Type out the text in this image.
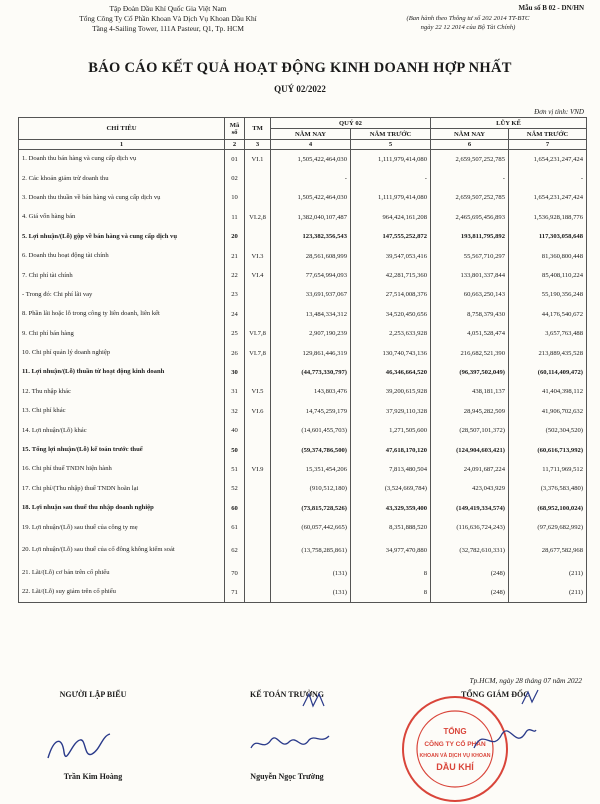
Tập Đoàn Dầu Khí Quốc Gia Việt Nam
Tổng Công Ty Cổ Phần Khoan Và Dịch Vụ Khoan Dầu Khí
Tầng 4-Sailing Tower, 111A Pasteur, Q1, Tp. HCM
Mẫu số B 02 - DN/HN
(Ban hành theo Thông tư số 202 2014 TT-BTC
ngày 22 12 2014 của Bộ Tài Chính)
BÁO CÁO KẾT QUẢ HOẠT ĐỘNG KINH DOANH HỢP NHẤT
QUÝ 02/2022
Đơn vị tính: VND
CHỈ TIÊU	Mã
số	TM	QUÝ 02		LŨY KẾ	
			NĂM NAY	NĂM TRƯỚC	NĂM NAY	NĂM TRƯỚC
1	2	3	4	5	6	7
1. Doanh thu bán hàng và cung cấp dịch vụ	01	VI.1	1,505,422,464,030	1,111,979,414,080	2,659,507,252,785	1,654,231,247,424
2. Các khoản giảm trừ doanh thu	02		-	-	-	-
3. Doanh thu thuần về bán hàng và cung cấp dịch vụ	10		1,505,422,464,030	1,111,979,414,080	2,659,507,252,785	1,654,231,247,424
4. Giá vốn hàng bán	11	VI.2,8	1,382,040,107,487	964,424,161,208	2,465,695,456,893	1,536,928,188,776
5. Lợi nhuận/(Lỗ) gộp về bán hàng và cung cấp dịch vụ	20		123,382,356,543	147,555,252,872	193,811,795,892	117,303,058,648
6. Doanh thu hoạt động tài chính	21	VI.3	28,561,608,999	39,547,053,416	55,567,710,297	81,360,800,448
7. Chi phí tài chính	22	VI.4	77,654,994,093	42,281,715,360	133,801,337,844	85,408,110,224
- Trong đó: Chi phí lãi vay	23		33,691,937,067	27,514,008,376	60,663,250,143	55,190,356,248
8. Phần lãi hoặc lỗ trong công ty liên doanh, liên kết	24		13,484,334,312	34,520,450,656	8,758,379,430	44,176,540,672
9. Chi phí bán hàng	25	VI.7,8	2,907,190,239	2,253,633,928	4,051,528,474	3,657,763,488
10. Chi phí quản lý doanh nghiệp	26	VI.7,8	129,861,446,319	130,740,743,136	216,682,521,390	213,889,435,528
11. Lợi nhuận/(Lỗ) thuần từ hoạt động kinh doanh	30		(44,773,330,797)	46,346,664,520	(96,397,502,049)	(60,114,409,472)
12. Thu nhập khác	31	VI.5	143,803,476	39,200,615,928	438,181,137	41,404,398,112
13. Chi phí khác	32	VI.6	14,745,259,179	37,929,110,328	28,945,282,509	41,906,702,632
14. Lợi nhuận/(Lỗ) khác	40		(14,601,455,703)	1,271,505,600	(28,507,101,372)	(502,304,520)
15. Tổng lợi nhuận/(Lỗ) kế toán trước thuế	50		(59,374,786,500)	47,618,170,120	(124,904,603,421)	(60,616,713,992)
16. Chi phí thuế TNDN hiện hành	51	VI.9	15,351,454,206	7,813,480,504	24,091,687,224	11,711,969,512
17. Chi phí/(Thu nhập) thuế TNDN hoãn lại	52		(910,512,180)	(3,524,669,784)	423,043,929	(3,376,583,480)
18. Lợi nhuận sau thuế thu nhập doanh nghiệp	60		(73,815,728,526)	43,329,359,400	(149,419,334,574)	(68,952,100,024)
19. Lợi nhuận/(Lỗ) sau thuế của công ty mẹ	61		(60,057,442,665)	8,351,888,520	(116,636,724,243)	(97,629,682,992)
20. Lợi nhuận/(Lỗ) sau thuế của cổ đông không kiểm soát	62		(13,758,285,861)	34,977,470,880	(32,782,610,331)	28,677,582,968
21. Lãi/(Lỗ) cơ bản trên cổ phiếu	70		(131)	8	(248)	(211)
22. Lãi/(Lỗ) suy giảm trên cổ phiếu	71		(131)	8	(248)	(211)
Tp.HCM, ngày 28 tháng 07 năm 2022
NGƯỜI LẬP BIỂU	KẾ TOÁN TRƯỞNG	TỔNG GIÁM ĐỐC
TỔNG
CÔNG TY CỔ PHẦN
KHOAN VÀ DỊCH VỤ KHOAN
DẦU KHÍ
Trần Kim Hoàng	Nguyễn Ngọc Trường
